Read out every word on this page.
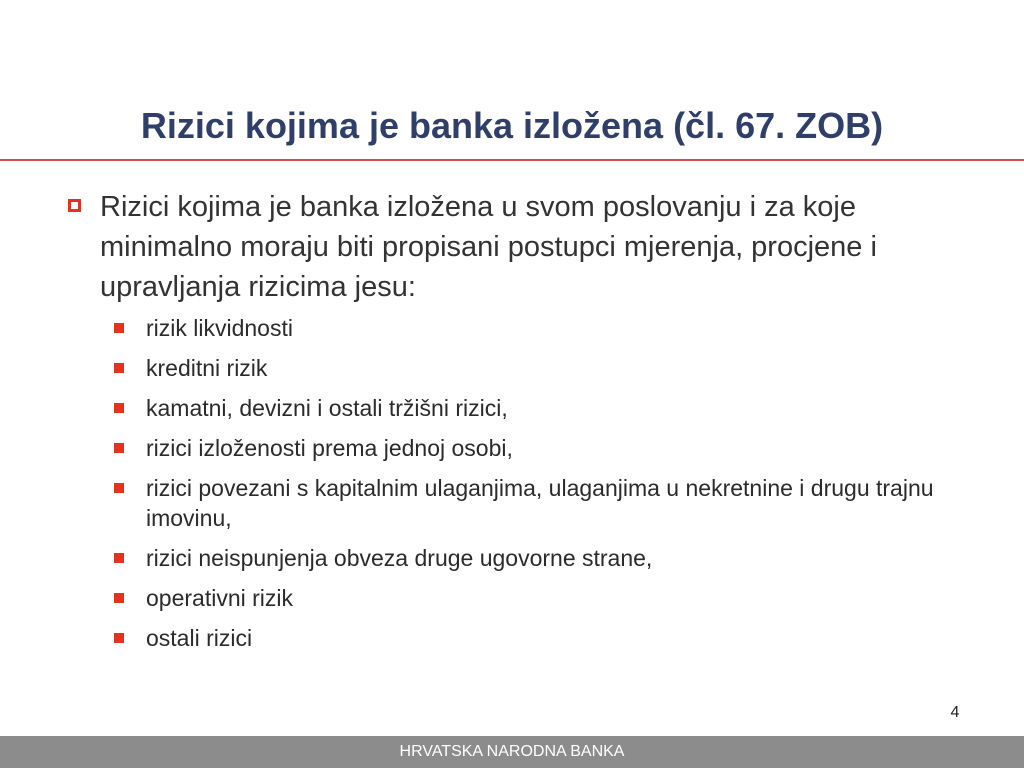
Rizici kojima je banka izložena (čl. 67. ZOB)
Rizici kojima je banka izložena u svom poslovanju i za koje minimalno moraju biti propisani postupci mjerenja, procjene i upravljanja rizicima jesu:
rizik likvidnosti
kreditni rizik
kamatni, devizni i ostali tržišni rizici,
rizici izloženosti prema jednoj osobi,
rizici povezani s kapitalnim ulaganjima, ulaganjima u nekretnine i drugu trajnu imovinu,
rizici neispunjenja obveza druge ugovorne strane,
operativni rizik
ostali rizici
4
HRVATSKA NARODNA BANKA
